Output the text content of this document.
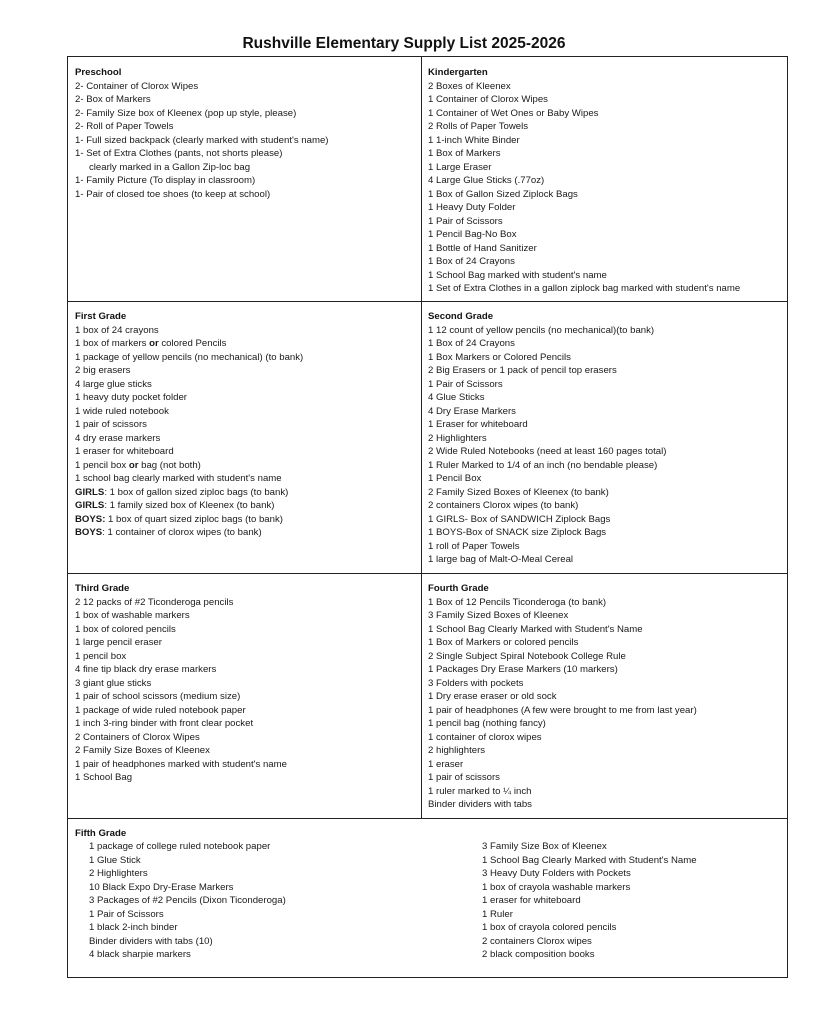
Rushville Elementary Supply List 2025-2026
Preschool
2- Container of Clorox Wipes
2- Box of Markers
2- Family Size box of Kleenex (pop up style, please)
2- Roll of Paper Towels
1- Full sized backpack (clearly marked with student's name)
1- Set of Extra Clothes (pants, not shorts please)
clearly marked in a Gallon Zip-loc bag
1- Family Picture (To display in classroom)
1- Pair of closed toe shoes (to keep at school)
Kindergarten
2 Boxes of Kleenex
1 Container of Clorox Wipes
1 Container of Wet Ones or Baby Wipes
2 Rolls of Paper Towels
1 1-inch White Binder
1 Box of Markers
1 Large Eraser
4 Large Glue Sticks (.77oz)
1 Box of Gallon Sized Ziplock Bags
1 Heavy Duty Folder
1 Pair of Scissors
1 Pencil Bag-No Box
1 Bottle of Hand Sanitizer
1 Box of 24 Crayons
1 School Bag marked with student's name
1 Set of Extra Clothes in a gallon ziplock bag marked with student's name
First Grade
1 box of 24 crayons
1 box of markers or colored Pencils
1 package of yellow pencils (no mechanical) (to bank)
2 big erasers
4 large glue sticks
1 heavy duty pocket folder
1 wide ruled notebook
1 pair of scissors
4 dry erase markers
1 eraser for whiteboard
1 pencil box or bag (not both)
1 school bag clearly marked with student's name
GIRLS: 1 box of gallon sized ziploc bags (to bank)
GIRLS: 1 family sized box of Kleenex (to bank)
BOYS: 1 box of quart sized ziploc bags (to bank)
BOYS: 1 container of clorox wipes (to bank)
Second Grade
1 12 count of yellow pencils (no mechanical)(to bank)
1 Box of 24 Crayons
1 Box Markers or Colored Pencils
2 Big Erasers or 1 pack of pencil top erasers
1 Pair of Scissors
4 Glue Sticks
4 Dry Erase Markers
1 Eraser for whiteboard
2 Highlighters
2 Wide Ruled Notebooks (need at least 160 pages total)
1 Ruler Marked to 1/4 of an inch (no bendable please)
1 Pencil Box
2 Family Sized Boxes of Kleenex (to bank)
2 containers Clorox wipes (to bank)
1 GIRLS- Box of SANDWICH Ziplock Bags
1 BOYS-Box of SNACK size Ziplock Bags
1 roll of Paper Towels
1 large bag of Malt-O-Meal Cereal
Third Grade
2 12 packs of #2 Ticonderoga pencils
1 box of washable markers
1 box of colored pencils
1 large pencil eraser
1 pencil box
4 fine tip black dry erase markers
3 giant glue sticks
1 pair of school scissors (medium size)
1 package of wide ruled notebook paper
1 inch 3-ring binder with front clear pocket
2 Containers of Clorox Wipes
2 Family Size Boxes of Kleenex
1 pair of headphones marked with student's name
1 School Bag
Fourth Grade
1 Box of 12 Pencils Ticonderoga (to bank)
3 Family Sized Boxes of Kleenex
1 School Bag Clearly Marked with Student's Name
1 Box of Markers or colored pencils
2 Single Subject Spiral Notebook College Rule
1 Packages Dry Erase Markers (10 markers)
3 Folders with pockets
1 Dry erase eraser or old sock
1 pair of headphones (A few were brought to me from last year)
1 pencil bag (nothing fancy)
1 container of clorox wipes
2 highlighters
1 eraser
1 pair of scissors
1 ruler marked to ¼ inch
Binder dividers with tabs
Fifth Grade
1 package of college ruled notebook paper
1 Glue Stick
2 Highlighters
10 Black Expo Dry-Erase Markers
3 Packages of #2 Pencils (Dixon Ticonderoga)
1 Pair of Scissors
1 black 2-inch binder
Binder dividers with tabs (10)
4 black sharpie markers
3 Family Size Box of Kleenex
1 School Bag Clearly Marked with Student's Name
3 Heavy Duty Folders with Pockets
1 box of crayola washable markers
1 eraser for whiteboard
1 Ruler
1 box of crayola colored pencils
2 containers Clorox wipes
2 black composition books
